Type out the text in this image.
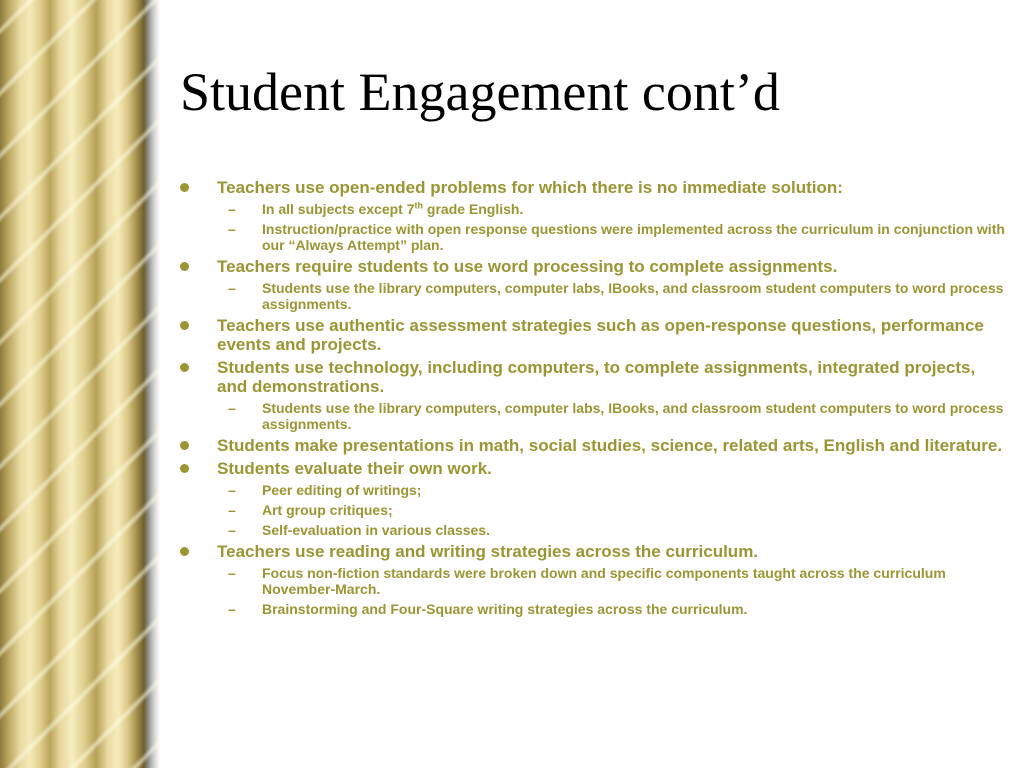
Student Engagement cont’d
Teachers use open-ended problems for which there is no immediate solution:
– In all subjects except 7th grade English.
– Instruction/practice with open response questions were implemented across the curriculum in conjunction with our “Always Attempt” plan.
Teachers require students to use word processing to complete assignments.
– Students use the library computers, computer labs, IBooks, and classroom student computers to word process assignments.
Teachers use authentic assessment strategies such as open-response questions, performance events and projects.
Students use technology, including computers, to complete assignments, integrated projects, and demonstrations.
– Students use the library computers, computer labs, IBooks, and classroom student computers to word process assignments.
Students make presentations in math, social studies, science, related arts, English and literature.
Students evaluate their own work.
– Peer editing of writings;
– Art group critiques;
– Self-evaluation in various classes.
Teachers use reading and writing strategies across the curriculum.
– Focus non-fiction standards were broken down and specific components taught across the curriculum November-March.
– Brainstorming and Four-Square writing strategies across the curriculum.
